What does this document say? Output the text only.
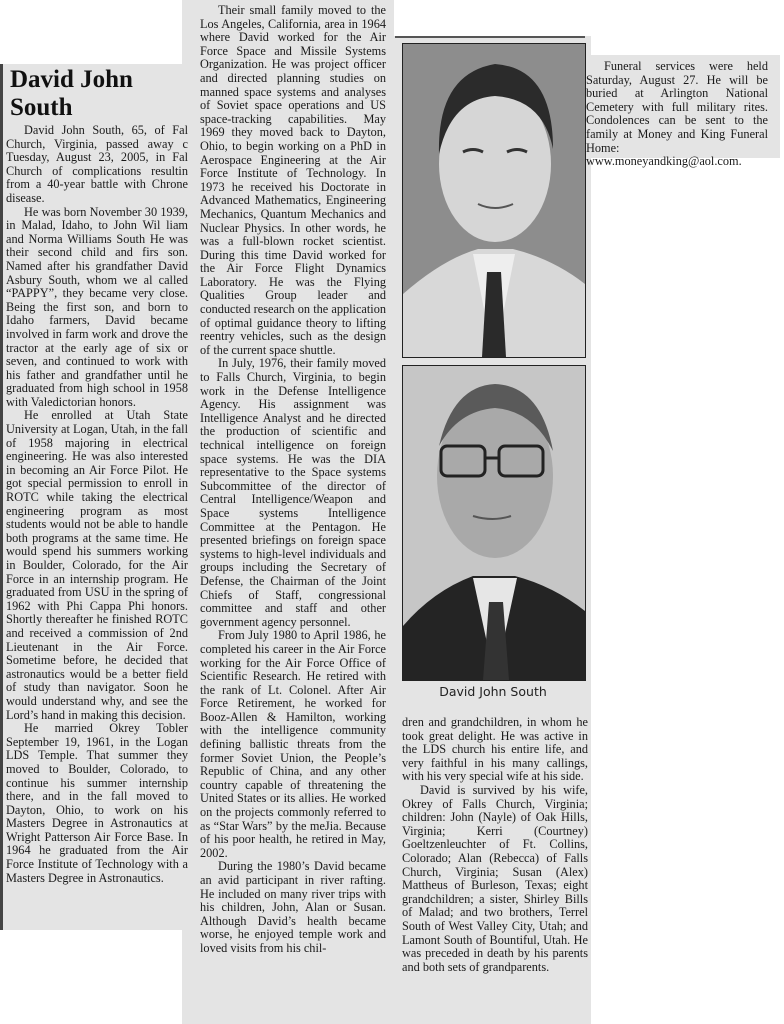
David John
South

David John South, 65, of Fal Church, Virginia, passed away c Tuesday, August 23, 2005, in Fal Church of complications resultin from a 40-year battle with Chrone disease.

He was born November 30 1939, in Malad, Idaho, to John Wil liam and Norma Williams South He was their second child and firs son. Named after his grandfather David Asbury South, whom we al called “PAPPY”, they became very close. Being the first son, and born to Idaho farmers, David became involved in farm work and drove the tractor at the early age of six or seven, and continued to work with his father and grandfather until he graduated from high school in 1958 with Valedictorian honors.

He enrolled at Utah State University at Logan, Utah, in the fall of 1958 majoring in electrical engineering. He was also interested in becoming an Air Force Pilot. He got special permission to enroll in ROTC while taking the electrical engineering program as most students would not be able to handle both programs at the same time. He would spend his summers working in Boulder, Colorado, for the Air Force in an internship program. He graduated from USU in the spring of 1962 with Phi Cappa Phi honors. Shortly thereafter he finished ROTC and received a commission of 2nd Lieutenant in the Air Force. Sometime before, he decided that astronautics would be a better field of study than navigator. Soon he would understand why, and see the Lord’s hand in making this decision.

He married Okrey Tobler September 19, 1961, in the Logan LDS Temple. That summer they moved to Boulder, Colorado, to continue his summer internship there, and in the fall moved to Dayton, Ohio, to work on his Masters Degree in Astronautics at Wright Patterson Air Force Base. In 1964 he graduated from the Air Force Institute of Technology with a Masters Degree in Astronautics.

Their small family moved to the Los Angeles, California, area in 1964 where David worked for the Air Force Space and Missile Systems Organization. He was project officer and directed planning studies on manned space systems and analyses of Soviet space operations and US space-tracking capabilities. May 1969 they moved back to Dayton, Ohio, to begin working on a PhD in Aerospace Engineering at the Air Force Institute of Technology. In 1973 he received his Doctorate in Advanced Mathematics, Engineering Mechanics, Quantum Mechanics and Nuclear Physics. In other words, he was a full-blown rocket scientist. During this time David worked for the Air Force Flight Dynamics Laboratory. He was the Flying Qualities Group leader and conducted research on the application of optimal guidance theory to lifting reentry vehicles, such as the design of the current space shuttle.

In July, 1976, their family moved to Falls Church, Virginia, to begin work in the Defense Intelligence Agency. His assignment was Intelligence Analyst and he directed the production of scientific and technical intelligence on foreign space systems. He was the DIA representative to the Space systems Subcommittee of the director of Central Intelligence/Weapon and Space systems Intelligence Committee at the Pentagon. He presented briefings on foreign space systems to high-level individuals and groups including the Secretary of Defense, the Chairman of the Joint Chiefs of Staff, congressional committee and staff and other government agency personnel.

From July 1980 to April 1986, he completed his career in the Air Force working for the Air Force Office of Scientific Research. He retired with the rank of Lt. Colonel. After Air Force Retirement, he worked for Booz-Allen & Hamilton, working with the intelligence community defining ballistic threats from the former Soviet Union, the People’s Republic of China, and any other country capable of threatening the United States or its allies. He worked on the projects commonly referred to as “Star Wars” by the meJia. Because of his poor health, he retired in May, 2002.

During the 1980’s David became an avid participant in river rafting. He included on many river trips with his children, John, Alan or Susan. Although David’s health became worse, he enjoyed temple work and loved visits from his chil-

David John South

dren and grandchildren, in whom he took great delight. He was active in the LDS church his entire life, and very faithful in his many callings, with his very special wife at his side.

David is survived by his wife, Okrey of Falls Church, Virginia; children: John (Nayle) of Oak Hills, Virginia; Kerri (Courtney) Goeltzenleuchter of Ft. Collins, Colorado; Alan (Rebecca) of Falls Church, Virginia; Susan (Alex) Mattheus of Burleson, Texas; eight grandchildren; a sister, Shirley Bills of Malad; and two brothers, Terrel South of West Valley City, Utah; and Lamont South of Bountiful, Utah. He was preceded in death by his parents and both sets of grandparents.

Funeral services were held Saturday, August 27. He will be buried at Arlington National Cemetery with full military rites. Condolences can be sent to the family at Money and King Funeral Home: www.moneyandking@aol.com.
